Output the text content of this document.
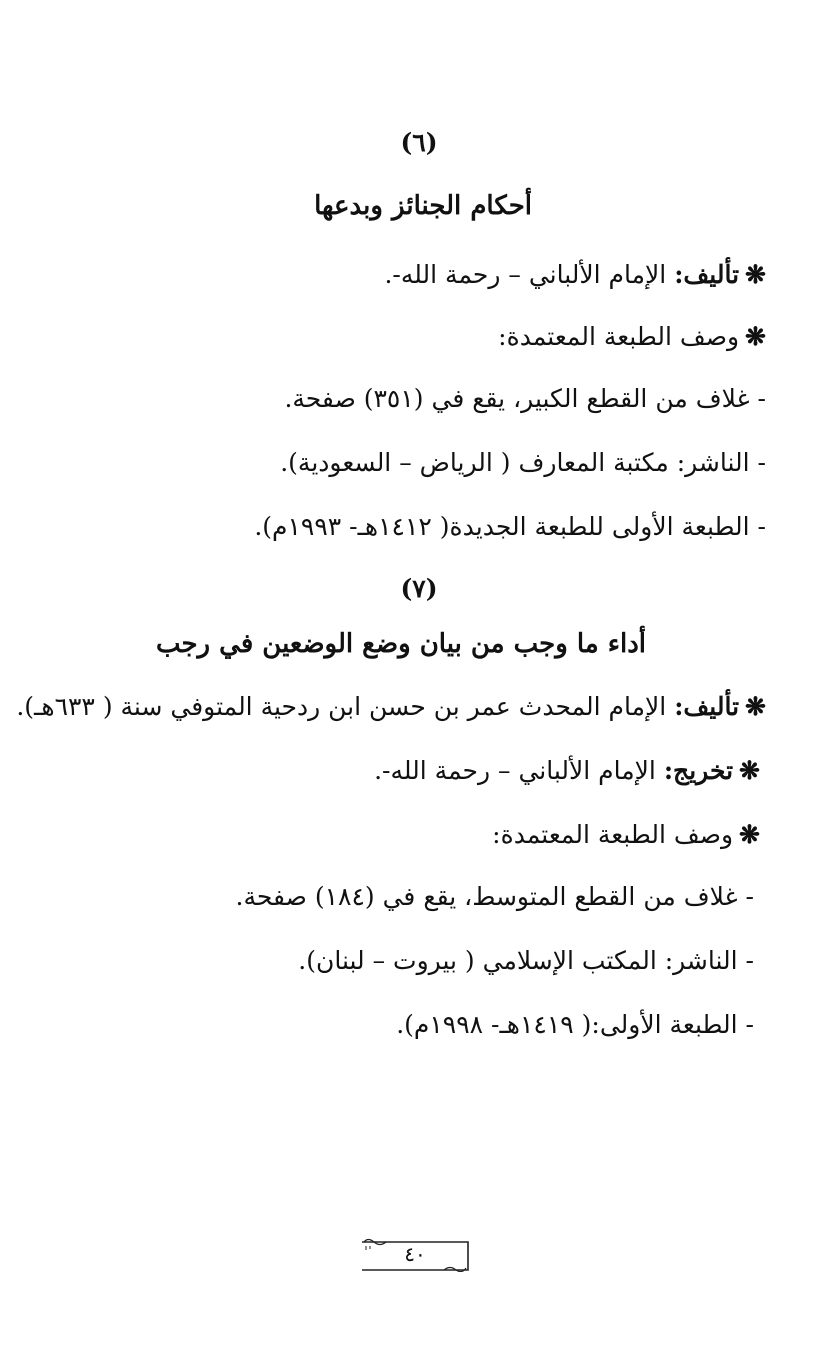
(٦)
أحكام الجنائز وبدعها
❋تأليف: الإمام الألباني – رحمة الله-.
❋وصف الطبعة المعتمدة:
- غلاف من القطع الكبير، يقع في (٣٥١) صفحة.
- الناشر: مكتبة المعارف ( الرياض – السعودية).
- الطبعة الأولى للطبعة الجديدة( ١٤١٢هـ- ١٩٩٣م).
(٧)
أداء ما وجب من بيان وضع الوضعين في رجب
❋تأليف: الإمام المحدث عمر بن حسن ابن ردحية المتوفي سنة ( ٦٣٣هـ).
❋تخريج: الإمام الألباني – رحمة الله-.
❋وصف الطبعة المعتمدة:
- غلاف من القطع المتوسط، يقع في (١٨٤) صفحة.
- الناشر: المكتب الإسلامي ( بيروت – لبنان).
- الطبعة الأولى:( ١٤١٩هـ- ١٩٩٨م).
٤٠
